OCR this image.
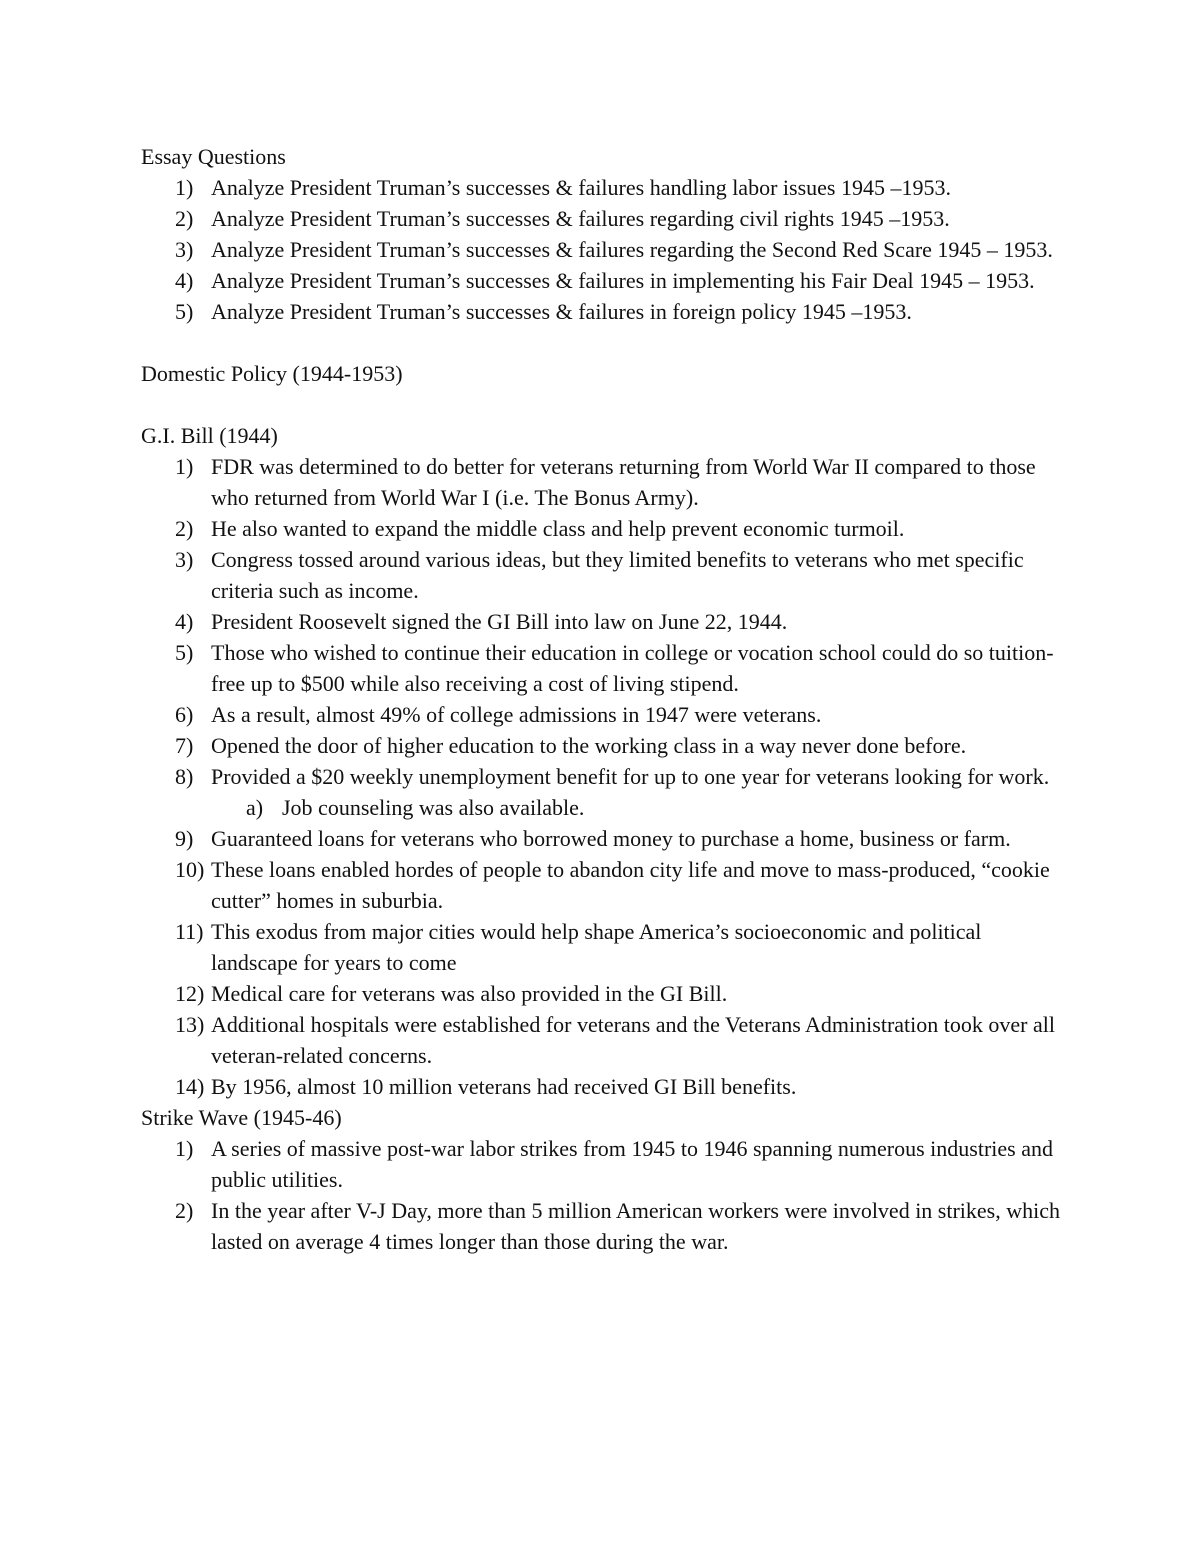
Essay Questions
1) Analyze President Truman’s successes & failures handling labor issues 1945 –1953.
2) Analyze President Truman’s successes & failures regarding civil rights 1945 –1953.
3) Analyze President Truman’s successes & failures regarding the Second Red Scare 1945 – 1953.
4) Analyze President Truman’s successes & failures in implementing his Fair Deal 1945 – 1953.
5) Analyze President Truman’s successes & failures in foreign policy 1945 –1953.
Domestic Policy (1944-1953)
G.I. Bill (1944)
1) FDR was determined to do better for veterans returning from World War II compared to those who returned from World War I (i.e. The Bonus Army).
2) He also wanted to expand the middle class and help prevent economic turmoil.
3) Congress tossed around various ideas, but they limited benefits to veterans who met specific criteria such as income.
4) President Roosevelt signed the GI Bill into law on June 22, 1944.
5) Those who wished to continue their education in college or vocation school could do so tuition-free up to $500 while also receiving a cost of living stipend.
6) As a result, almost 49% of college admissions in 1947 were veterans.
7) Opened the door of higher education to the working class in a way never done before.
8) Provided a $20 weekly unemployment benefit for up to one year for veterans looking for work.
a) Job counseling was also available.
9) Guaranteed loans for veterans who borrowed money to purchase a home, business or farm.
10) These loans enabled hordes of people to abandon city life and move to mass-produced, “cookie cutter” homes in suburbia.
11) This exodus from major cities would help shape America’s socioeconomic and political landscape for years to come
12) Medical care for veterans was also provided in the GI Bill.
13) Additional hospitals were established for veterans and the Veterans Administration took over all veteran-related concerns.
14) By 1956, almost 10 million veterans had received GI Bill benefits.
Strike Wave (1945-46)
1) A series of massive post-war labor strikes from 1945 to 1946 spanning numerous industries and public utilities.
2) In the year after V-J Day, more than 5 million American workers were involved in strikes, which lasted on average 4 times longer than those during the war.
